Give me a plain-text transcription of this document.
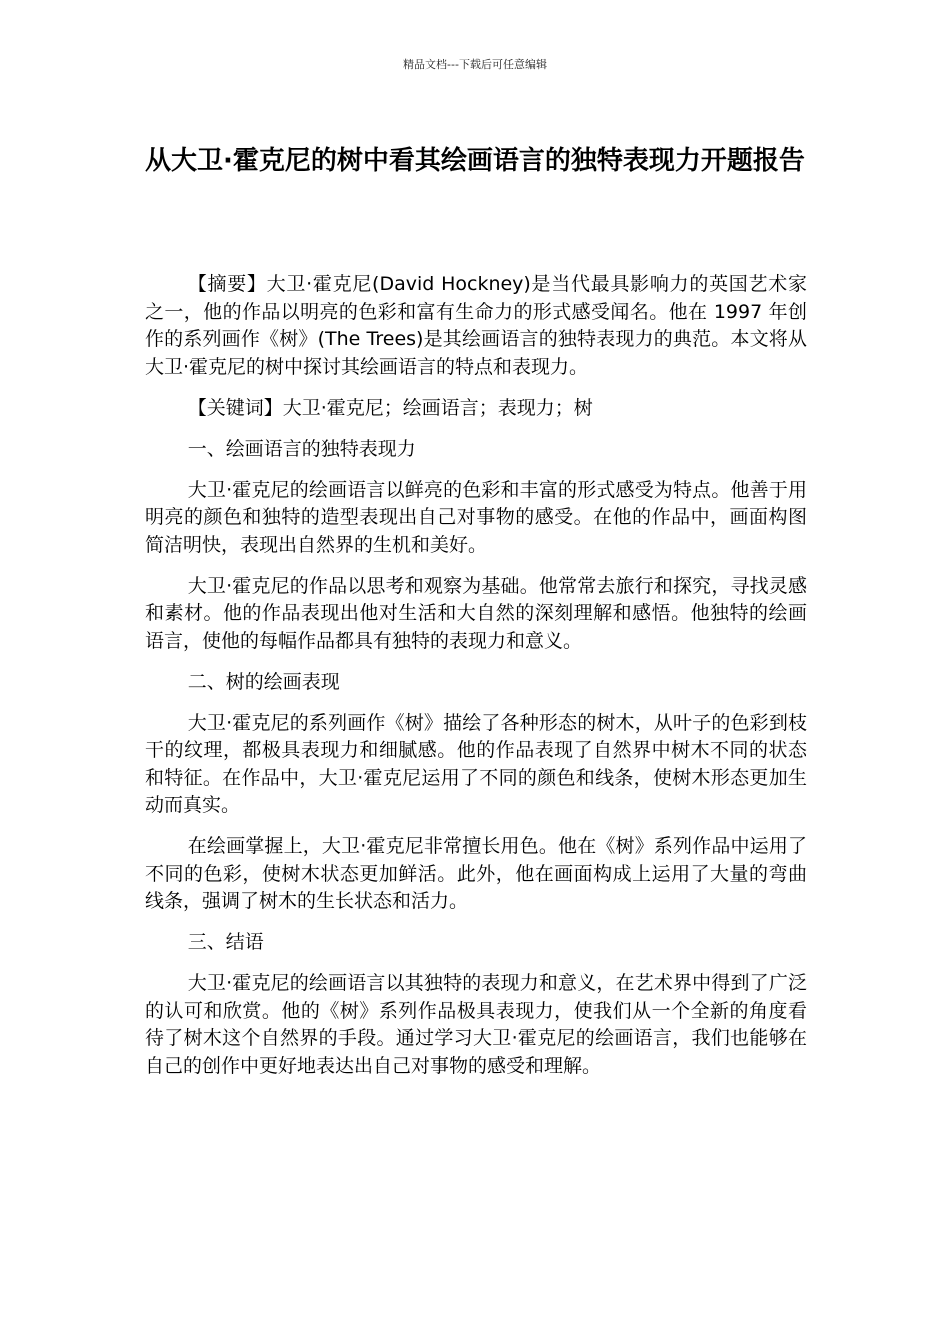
精品文档---下载后可任意编辑
从大卫·霍克尼的树中看其绘画语言的独特表现力开题报告

【摘要】大卫·霍克尼(David Hockney)是当代最具影响力的英国艺术家之一，他的作品以明亮的色彩和富有生命力的形式感受闻名。他在 1997 年创作的系列画作《树》(The Trees)是其绘画语言的独特表现力的典范。本文将从大卫·霍克尼的树中探讨其绘画语言的特点和表现力。

【关键词】大卫·霍克尼；绘画语言；表现力；树

一、绘画语言的独特表现力

大卫·霍克尼的绘画语言以鲜亮的色彩和丰富的形式感受为特点。他善于用明亮的颜色和独特的造型表现出自己对事物的感受。在他的作品中，画面构图简洁明快，表现出自然界的生机和美好。

大卫·霍克尼的作品以思考和观察为基础。他常常去旅行和探究，寻找灵感和素材。他的作品表现出他对生活和大自然的深刻理解和感悟。他独特的绘画语言，使他的每幅作品都具有独特的表现力和意义。

二、树的绘画表现

大卫·霍克尼的系列画作《树》描绘了各种形态的树木，从叶子的色彩到枝干的纹理，都极具表现力和细腻感。他的作品表现了自然界中树木不同的状态和特征。在作品中，大卫·霍克尼运用了不同的颜色和线条，使树木形态更加生动而真实。

在绘画掌握上，大卫·霍克尼非常擅长用色。他在《树》系列作品中运用了不同的色彩，使树木状态更加鲜活。此外，他在画面构成上运用了大量的弯曲线条，强调了树木的生长状态和活力。

三、结语

大卫·霍克尼的绘画语言以其独特的表现力和意义，在艺术界中得到了广泛的认可和欣赏。他的《树》系列作品极具表现力，使我们从一个全新的角度看待了树木这个自然界的手段。通过学习大卫·霍克尼的绘画语言，我们也能够在自己的创作中更好地表达出自己对事物的感受和理解。
